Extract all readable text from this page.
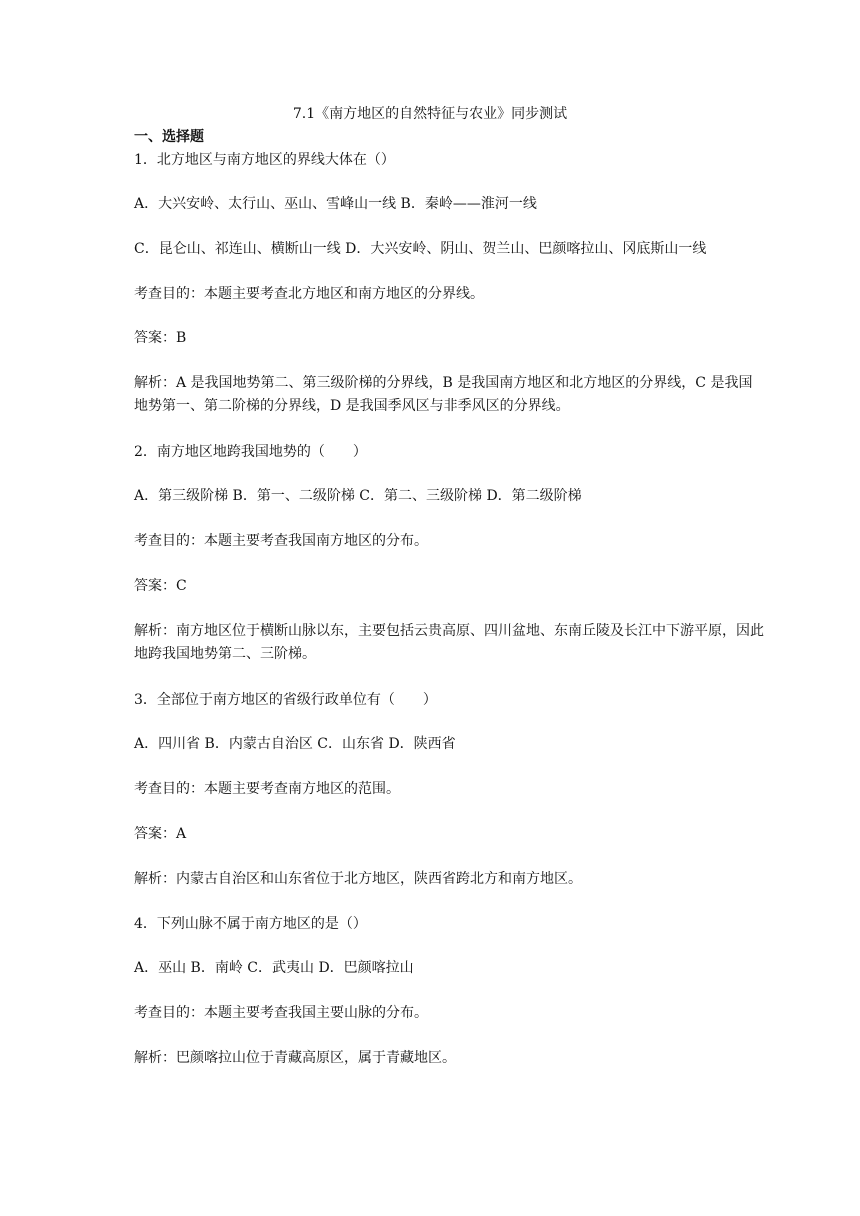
7.1《南方地区的自然特征与农业》同步测试
一、选择题
1．北方地区与南方地区的界线大体在（）
A．大兴安岭、太行山、巫山、雪峰山一线 B．秦岭——淮河一线
C．昆仑山、祁连山、横断山一线 D．大兴安岭、阴山、贺兰山、巴颜喀拉山、冈底斯山一线
考查目的：本题主要考查北方地区和南方地区的分界线。
答案：B
解析：A 是我国地势第二、第三级阶梯的分界线，B 是我国南方地区和北方地区的分界线，C 是我国地势第一、第二阶梯的分界线，D 是我国季风区与非季风区的分界线。
2．南方地区地跨我国地势的（　　）
A．第三级阶梯 B．第一、二级阶梯 C．第二、三级阶梯 D．第二级阶梯
考查目的：本题主要考查我国南方地区的分布。
答案：C
解析：南方地区位于横断山脉以东，主要包括云贵高原、四川盆地、东南丘陵及长江中下游平原，因此地跨我国地势第二、三阶梯。
3．全部位于南方地区的省级行政单位有（　　）
A．四川省 B．内蒙古自治区 C．山东省 D．陕西省
考查目的：本题主要考查南方地区的范围。
答案：A
解析：内蒙古自治区和山东省位于北方地区，陕西省跨北方和南方地区。
4．下列山脉不属于南方地区的是（）
A．巫山 B．南岭 C．武夷山 D．巴颜喀拉山
考查目的：本题主要考查我国主要山脉的分布。
解析：巴颜喀拉山位于青藏高原区，属于青藏地区。
